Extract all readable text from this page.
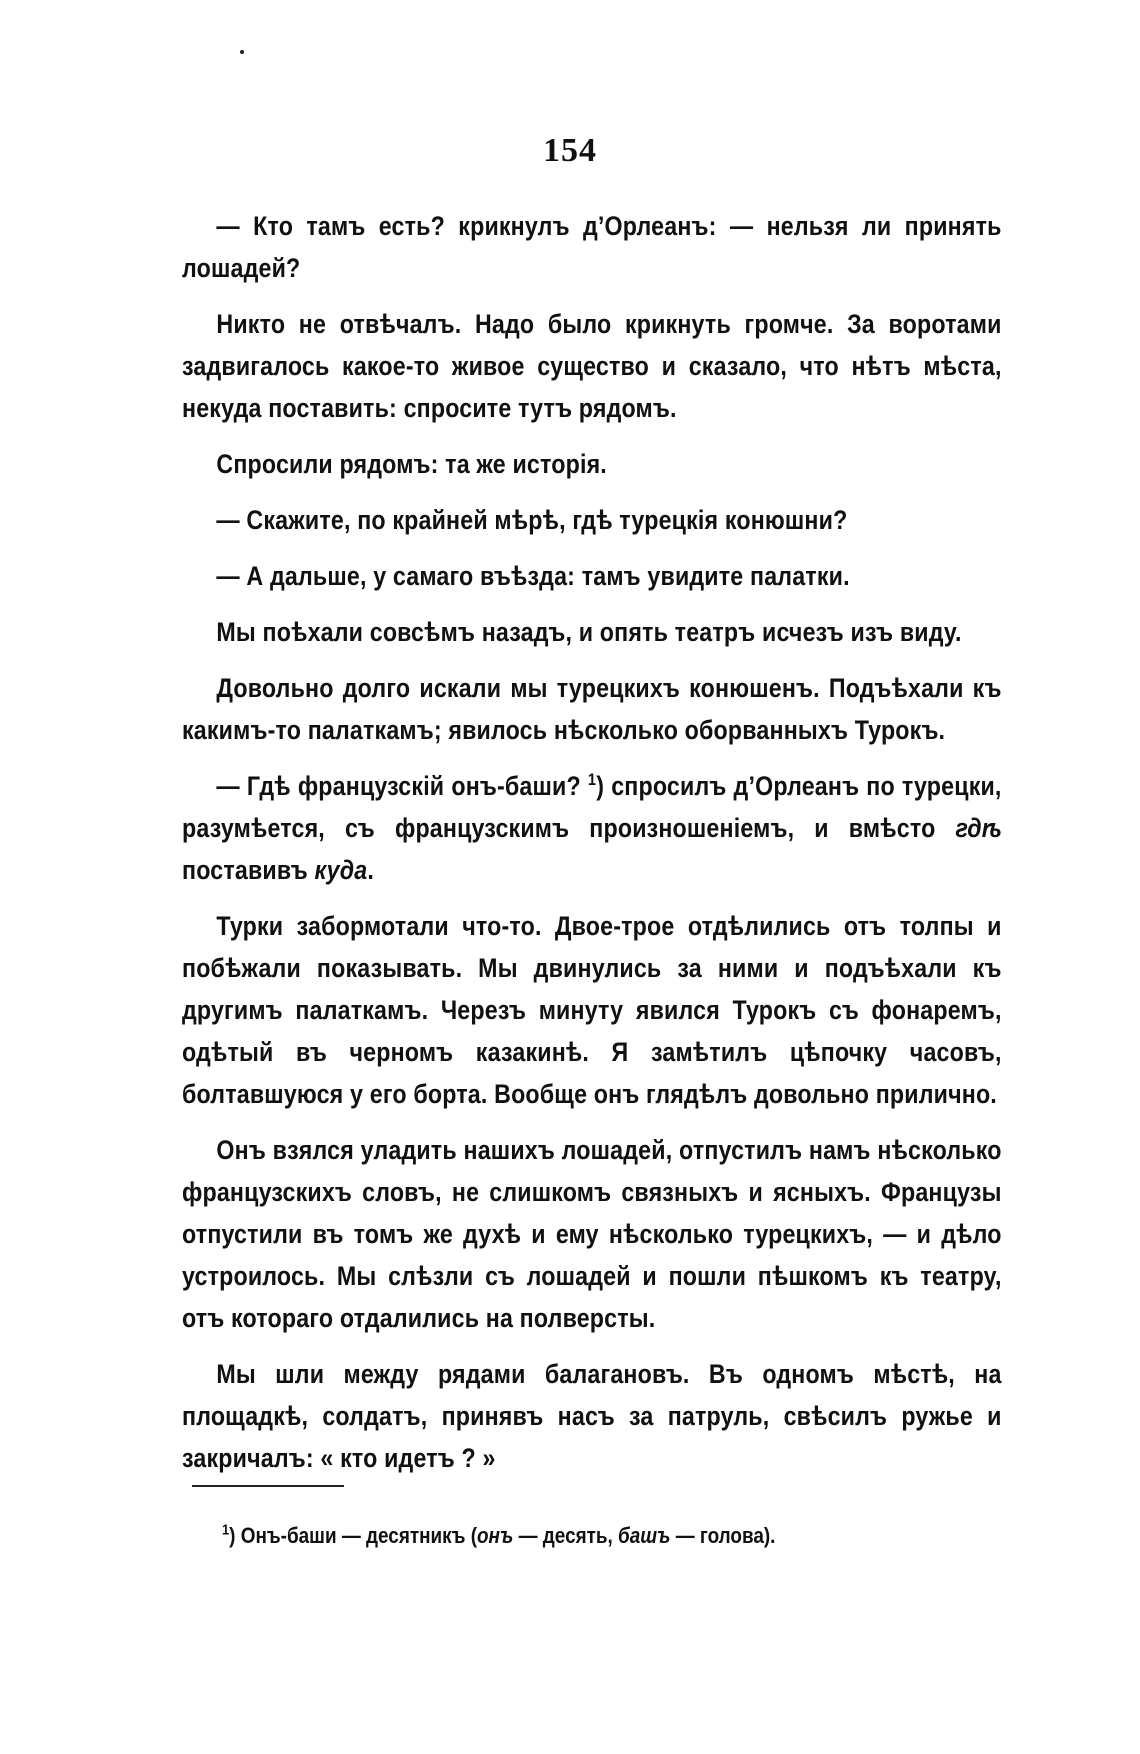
154

— Кто тамъ есть? крикнулъ д’Орлеанъ: — нельзя ли принять лошадей?

Никто не отвѣчалъ. Надо было крикнуть громче. За воротами задвигалось какое-то живое существо и сказало, что нѣтъ мѣста, некуда поставить: спросите тутъ рядомъ.

Спросили рядомъ: та же исторія.

— Скажите, по крайней мѣрѣ, гдѣ турецкія конюшни?

— А дальше, у самаго въѣзда: тамъ увидите палатки.

Мы поѣхали совсѣмъ назадъ, и опять театръ исчезъ изъ виду.

Довольно долго искали мы турецкихъ конюшенъ. Подъѣхали къ какимъ-то палаткамъ; явилось нѣсколько оборванныхъ Турокъ.

— Гдѣ французскій онъ-баши? $^1$) спросилъ д’Орлеанъ по турецки, разумѣется, съ французскимъ произношеніемъ, и вмѣсто гдѣ поставивъ куда.

Турки забормотали что-то. Двое-трое отдѣлились отъ толпы и побѣжали показывать. Мы двинулись за ними и подъѣхали къ другимъ палаткамъ. Черезъ минуту явился Турокъ съ фонаремъ, одѣтый въ черномъ казакинѣ. Я замѣтилъ цѣпочку часовъ, болтавшуюся у его борта. Вообще онъ глядѣлъ довольно прилично.

Онъ взялся уладить нашихъ лошадей, отпустилъ намъ нѣсколько французскихъ словъ, не слишкомъ связныхъ и ясныхъ. Французы отпустили въ томъ же духѣ и ему нѣсколько турецкихъ, — и дѣло устроилось. Мы слѣзли съ лошадей и пошли пѣшкомъ къ театру, отъ котораго отдалились на полверсты.

Мы шли между рядами балагановъ. Въ одномъ мѣстѣ, на площадкѣ, солдатъ, принявъ насъ за патруль, свѣсилъ ружье и закричалъ: « кто идетъ ? »

$^1$) Онъ-баши — десятникъ (онъ — десять, башъ — голова).
